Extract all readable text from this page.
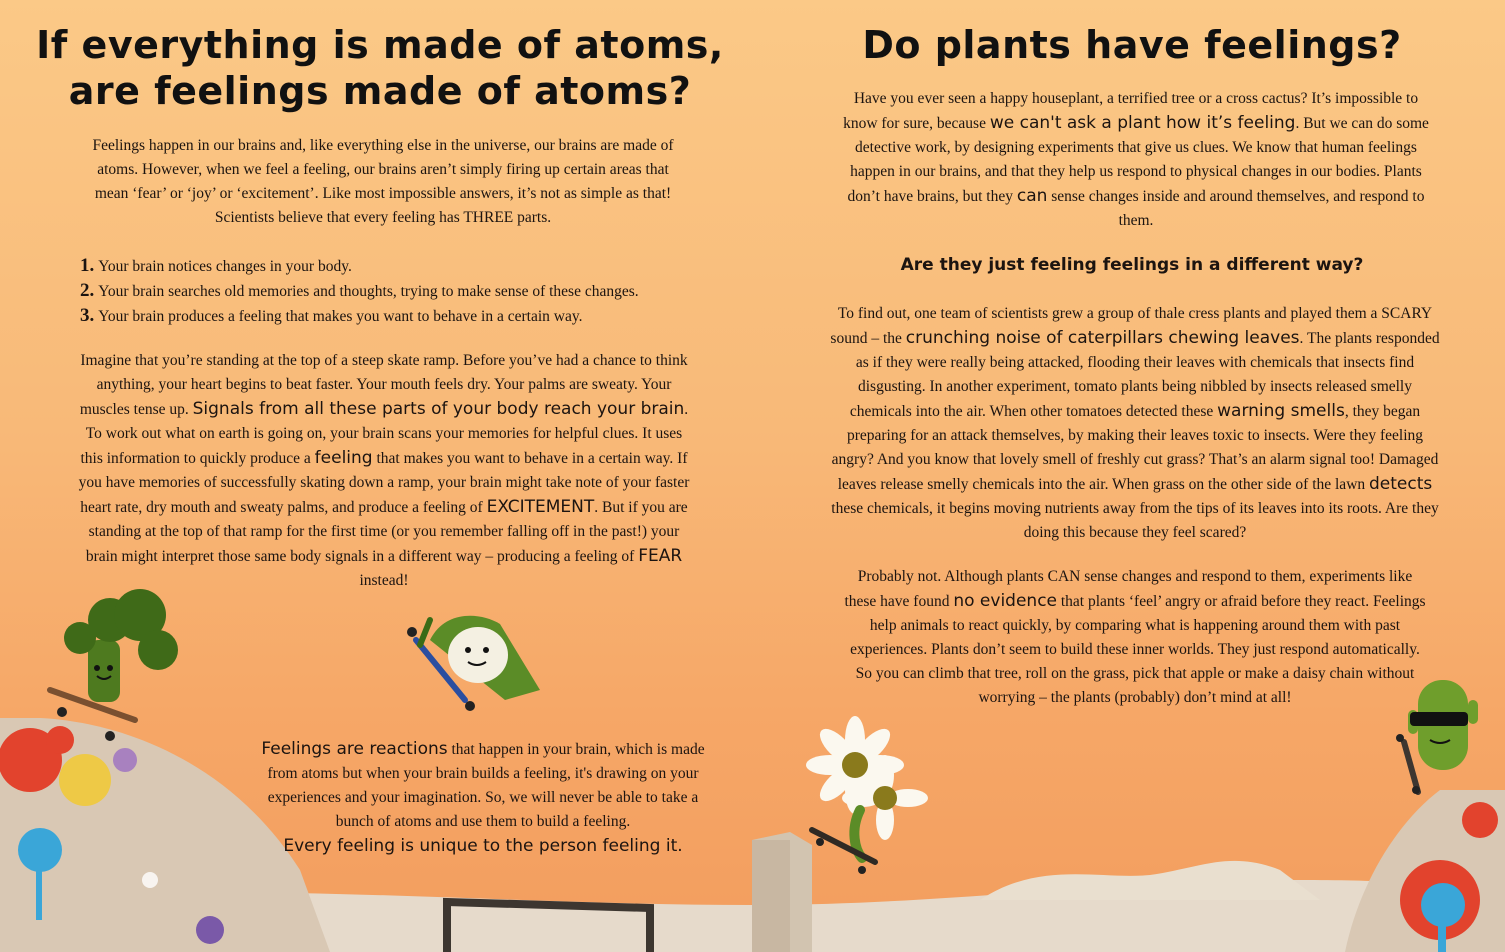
If everything is made of atoms,
are feelings made of atoms?

Feelings happen in our brains and, like everything else in the universe, our brains are made of atoms. However, when we feel a feeling, our brains aren’t simply firing up certain areas that mean ‘fear’ or ‘joy’ or ‘excitement’. Like most impossible answers, it’s not as simple as that! Scientists believe that every feeling has THREE parts.

1. Your brain notices changes in your body.
2. Your brain searches old memories and thoughts, trying to make sense of these changes.
3. Your brain produces a feeling that makes you want to behave in a certain way.

Imagine that you’re standing at the top of a steep skate ramp. Before you’ve had a chance to think anything, your heart begins to beat faster. Your mouth feels dry. Your palms are sweaty. Your muscles tense up. Signals from all these parts of your body reach your brain. To work out what on earth is going on, your brain scans your memories for helpful clues. It uses this information to quickly produce a feeling that makes you want to behave in a certain way. If you have memories of successfully skating down a ramp, your brain might take note of your faster heart rate, dry mouth and sweaty palms, and produce a feeling of EXCITEMENT. But if you are standing at the top of that ramp for the first time (or you remember falling off in the past!) your brain might interpret those same body signals in a different way – producing a feeling of FEAR instead!

Feelings are reactions that happen in your brain, which is made from atoms but when your brain builds a feeling, it's drawing on your experiences and your imagination. So, we will never be able to take a bunch of atoms and use them to build a feeling.
Every feeling is unique to the person feeling it.

Do plants have feelings?

Have you ever seen a happy houseplant, a terrified tree or a cross cactus? It’s impossible to know for sure, because we can't ask a plant how it’s feeling. But we can do some detective work, by designing experiments that give us clues. We know that human feelings happen in our brains, and that they help us respond to physical changes in our bodies. Plants don’t have brains, but they can sense changes inside and around themselves, and respond to them.

Are they just feeling feelings in a different way?

To find out, one team of scientists grew a group of thale cress plants and played them a SCARY sound – the crunching noise of caterpillars chewing leaves. The plants responded as if they were really being attacked, flooding their leaves with chemicals that insects find disgusting. In another experiment, tomato plants being nibbled by insects released smelly chemicals into the air. When other tomatoes detected these warning smells, they began preparing for an attack themselves, by making their leaves toxic to insects. Were they feeling angry? And you know that lovely smell of freshly cut grass? That’s an alarm signal too! Damaged leaves release smelly chemicals into the air. When grass on the other side of the lawn detects these chemicals, it begins moving nutrients away from the tips of its leaves into its roots. Are they doing this because they feel scared?

Probably not. Although plants CAN sense changes and respond to them, experiments like these have found no evidence that plants ‘feel’ angry or afraid before they react. Feelings help animals to react quickly, by comparing what is happening around them with past experiences. Plants don’t seem to build these inner worlds. They just respond automatically. So you can climb that tree, roll on the grass, pick that apple or make a daisy chain without worrying – the plants (probably) don’t mind at all!
